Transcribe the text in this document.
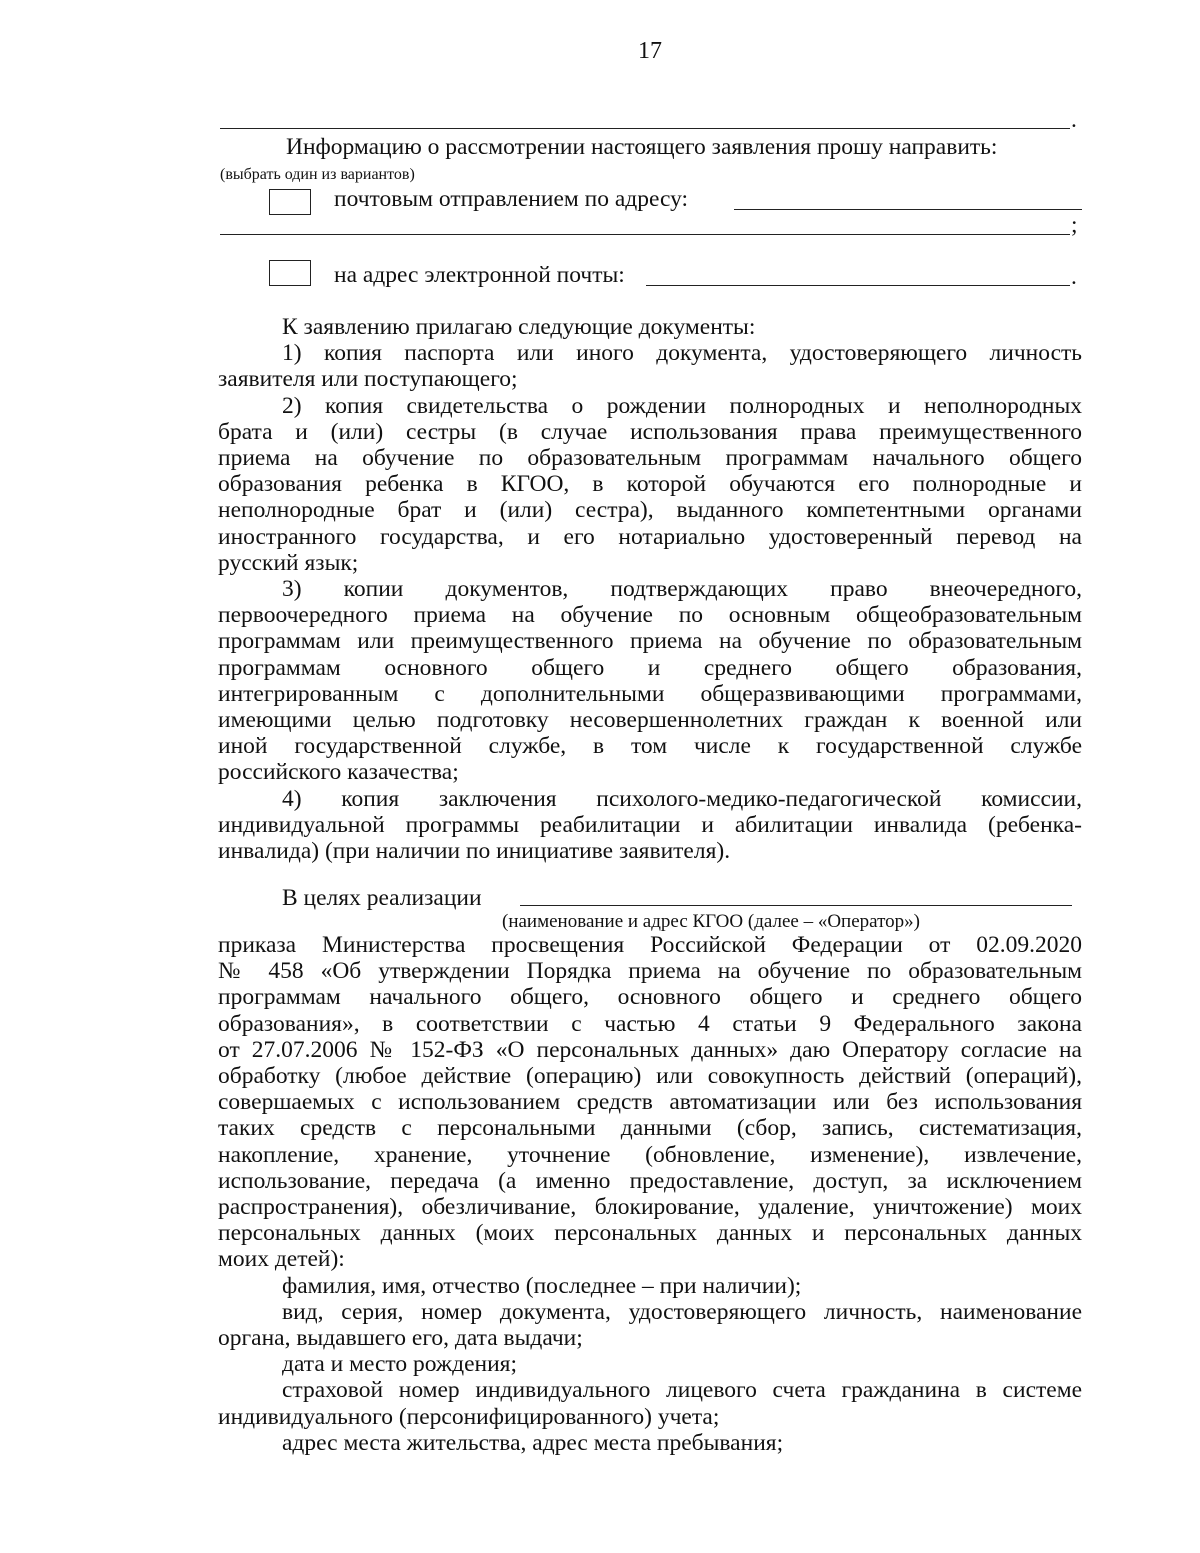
17
.
Информацию о рассмотрении настоящего заявления прошу направить:
(выбрать один из вариантов)
почтовым отправлением по адресу:
;
на адрес электронной почты:	.
К заявлению прилагаю следующие документы:
1) копия паспорта или иного документа, удостоверяющего личность
заявителя или поступающего;
2) копия свидетельства о рождении полнородных и неполнородных
брата и (или) сестры (в случае использования права преимущественного
приема на обучение по образовательным программам начального общего
образования ребенка в КГОО, в которой обучаются его полнородные и
неполнородные брат и (или) сестра), выданного компетентными органами
иностранного государства, и его нотариально удостоверенный перевод на
русский язык;
3) копии документов, подтверждающих право внеочередного,
первоочередного приема на обучение по основным общеобразовательным
программам или преимущественного приема на обучение по образовательным
программам основного общего и среднего общего образования,
интегрированным с дополнительными общеразвивающими программами,
имеющими целью подготовку несовершеннолетних граждан к военной или
иной государственной службе, в том числе к государственной службе
российского казачества;
4) копия заключения психолого-медико-педагогической комиссии,
индивидуальной программы реабилитации и абилитации инвалида (ребенка-
инвалида) (при наличии по инициативе заявителя).
В целях реализации
(наименование и адрес КГОО (далее – «Оператор»)
приказа Министерства просвещения Российской Федерации от 02.09.2020
№ 458 «Об утверждении Порядка приема на обучение по образовательным
программам начального общего, основного общего и среднего общего
образования», в соответствии с частью 4 статьи 9 Федерального закона
от 27.07.2006 № 152-ФЗ «О персональных данных» даю Оператору согласие на
обработку (любое действие (операцию) или совокупность действий (операций),
совершаемых с использованием средств автоматизации или без использования
таких средств с персональными данными (сбор, запись, систематизация,
накопление, хранение, уточнение (обновление, изменение), извлечение,
использование, передача (а именно предоставление, доступ, за исключением
распространения), обезличивание, блокирование, удаление, уничтожение) моих
персональных данных (моих персональных данных и персональных данных
моих детей):
фамилия, имя, отчество (последнее – при наличии);
вид, серия, номер документа, удостоверяющего личность, наименование
органа, выдавшего его, дата выдачи;
дата и место рождения;
страховой номер индивидуального лицевого счета гражданина в системе
индивидуального (персонифицированного) учета;
адрес места жительства, адрес места пребывания;
